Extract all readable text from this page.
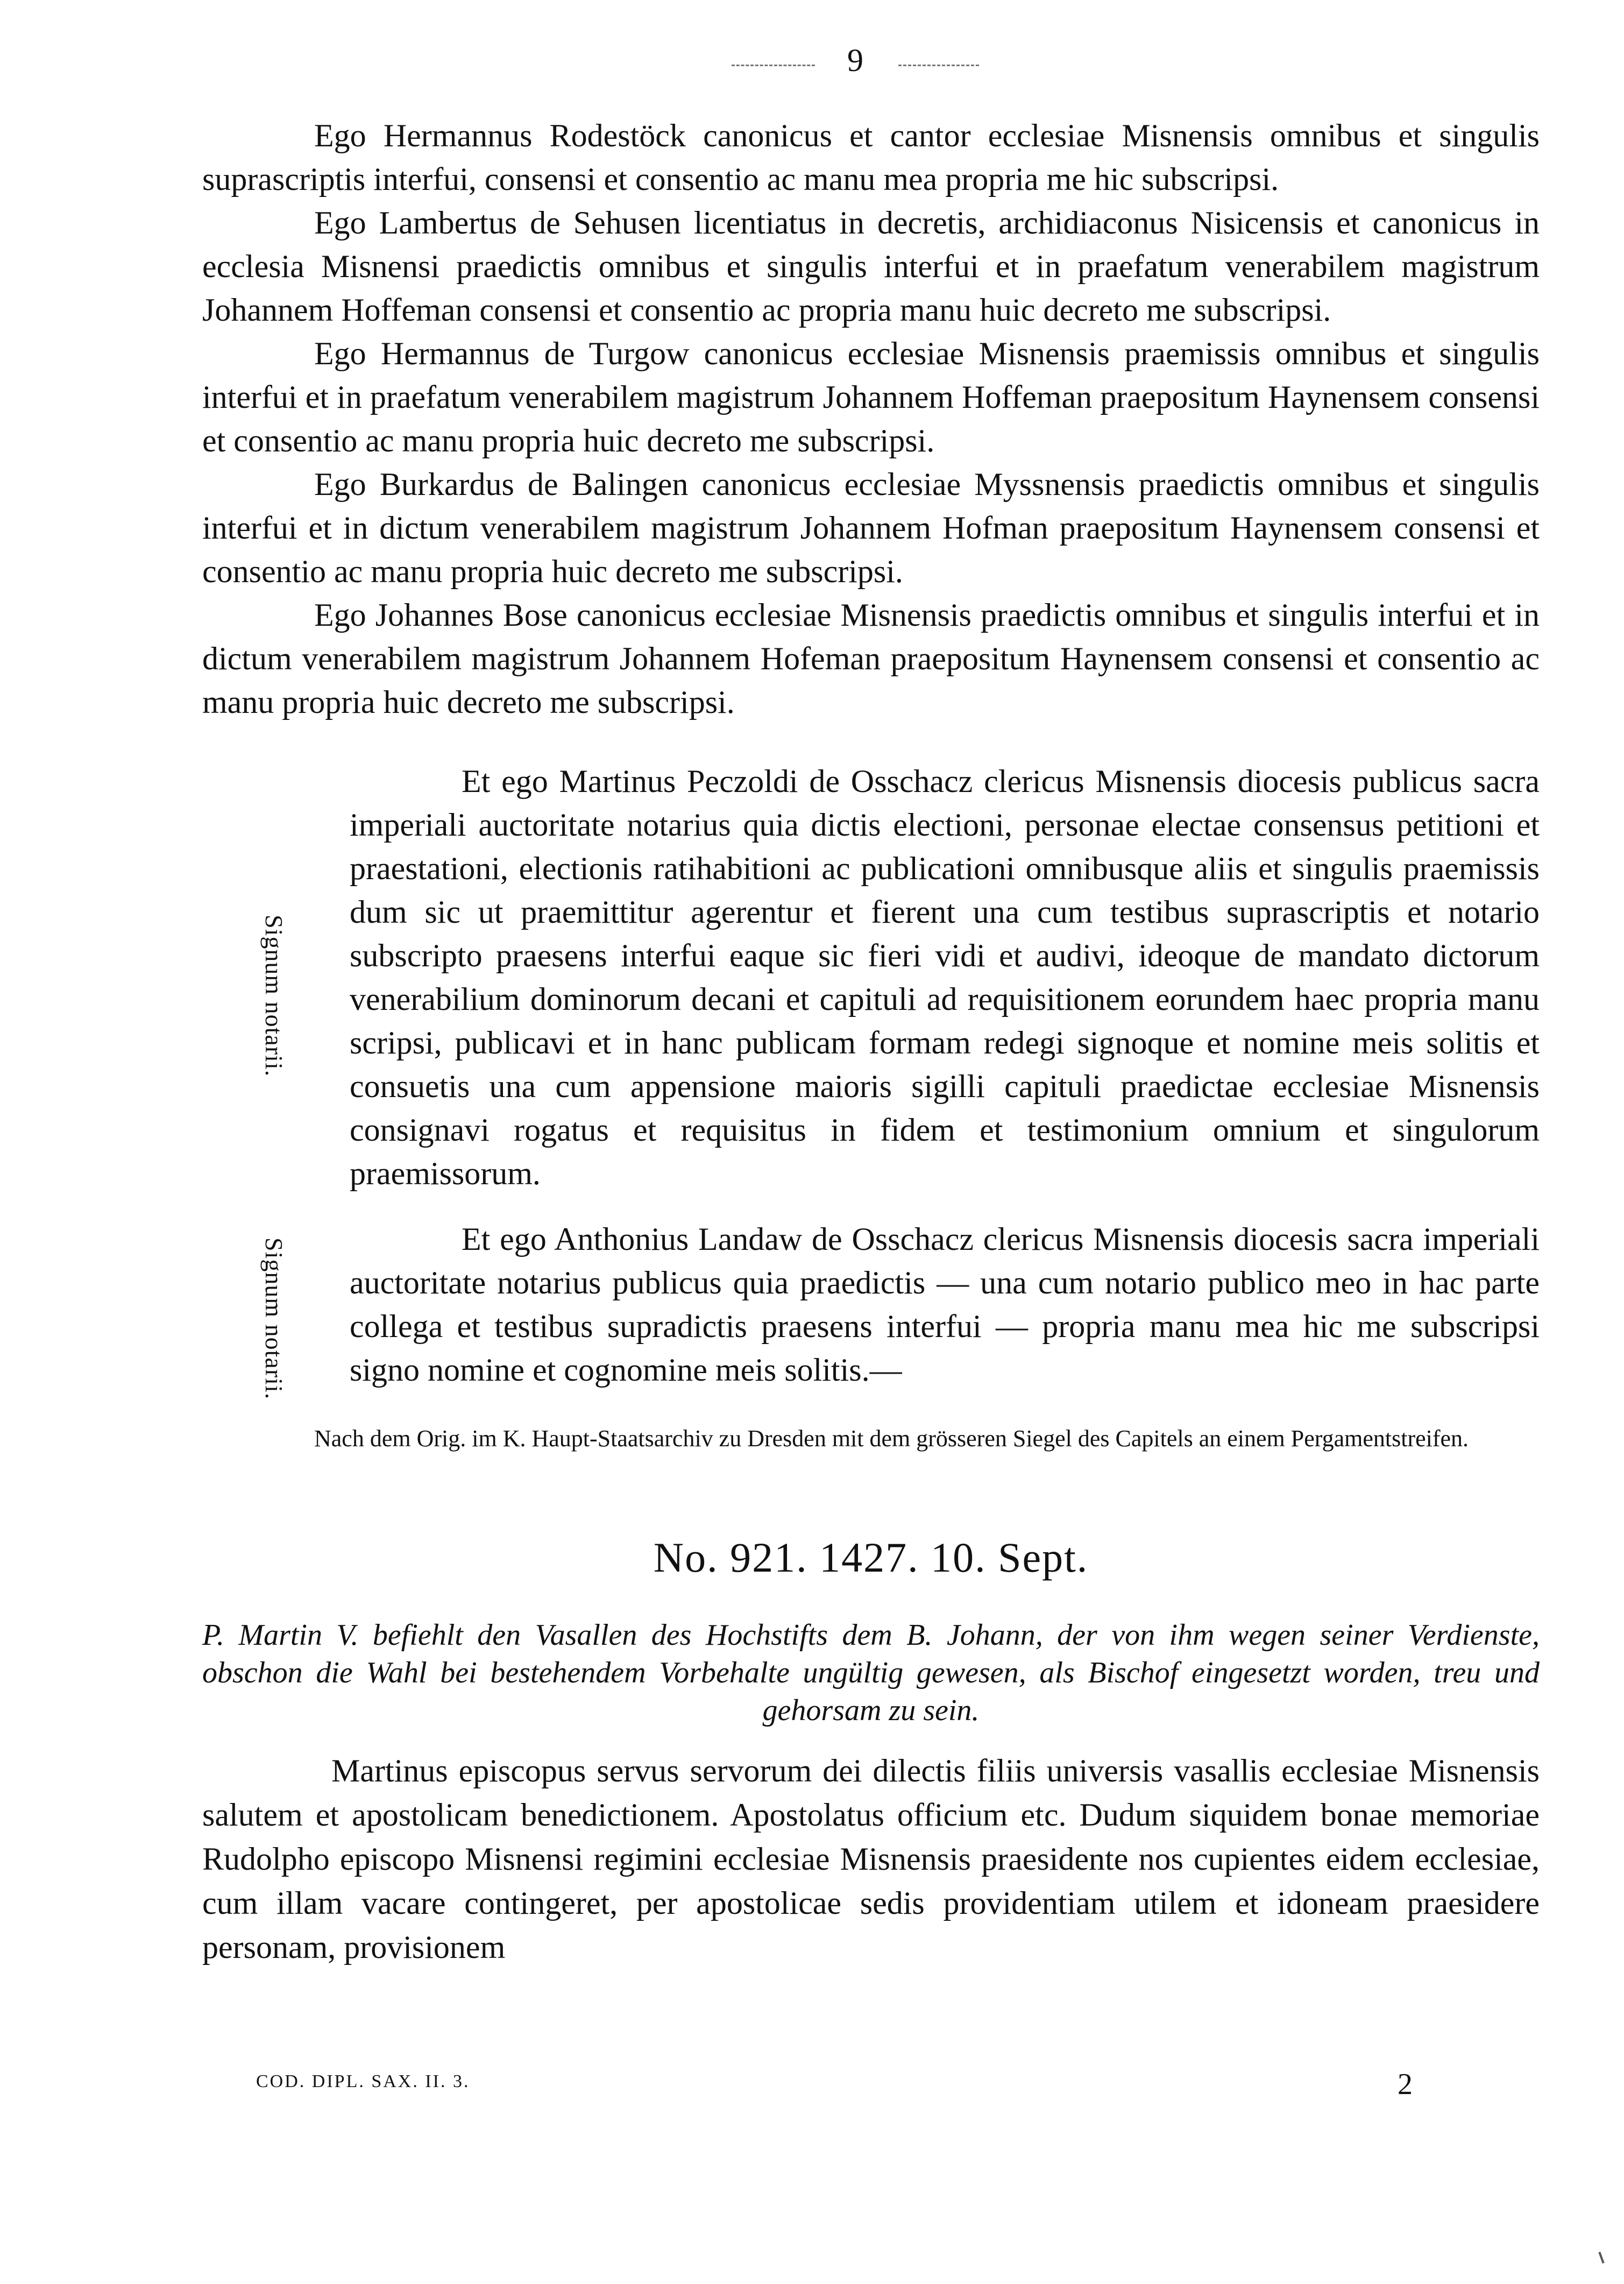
9

Ego Hermannus Rodestöck canonicus et cantor ecclesiae Misnensis omnibus et singulis suprascriptis interfui, consensi et consentio ac manu mea propria me hic subscripsi.

Ego Lambertus de Sehusen licentiatus in decretis, archidiaconus Nisicensis et canonicus in ecclesia Misnensi praedictis omnibus et singulis interfui et in praefatum venerabilem magistrum Johannem Hoffeman consensi et consentio ac propria manu huic decreto me subscripsi.

Ego Hermannus de Turgow canonicus ecclesiae Misnensis praemissis omnibus et singulis interfui et in praefatum venerabilem magistrum Johannem Hoffeman praepositum Haynensem consensi et consentio ac manu propria huic decreto me subscripsi.

Ego Burkardus de Balingen canonicus ecclesiae Myssnensis praedictis omnibus et singulis interfui et in dictum venerabilem magistrum Johannem Hofman praepositum Haynensem consensi et consentio ac manu propria huic decreto me subscripsi.

Ego Johannes Bose canonicus ecclesiae Misnensis praedictis omnibus et singulis interfui et in dictum venerabilem magistrum Johannem Hofeman praepositum Haynensem consensi et consentio ac manu propria huic decreto me subscripsi.

Signum notarii.
Et ego Martinus Peczoldi de Osschacz clericus Misnensis diocesis publicus sacra imperiali auctoritate notarius quia dictis electioni, personae electae consensus petitioni et praestationi, electionis ratihabitioni ac publicationi omnibusque aliis et singulis praemissis dum sic ut praemittitur agerentur et fierent una cum testibus suprascriptis et notario subscripto praesens interfui eaque sic fieri vidi et audivi, ideoque de mandato dictorum venerabilium dominorum decani et capituli ad requisitionem eorundem haec propria manu scripsi, publicavi et in hanc publicam formam redegi signoque et nomine meis solitis et consuetis una cum appensione maioris sigilli capituli praedictae ecclesiae Misnensis consignavi rogatus et requisitus in fidem et testimonium omnium et singulorum praemissorum.
Signum notarii.	Et ego Anthonius Landaw de Osschacz clericus Misnensis diocesis sacra imperiali auctoritate notarius publicus quia praedictis — una cum notario publico meo in hac parte collega et testibus supradictis praesens interfui — propria manu mea hic me subscripsi signo nomine et cognomine meis solitis.—
Nach dem Orig. im K. Haupt-Staatsarchiv zu Dresden mit dem grösseren Siegel des Capitels an einem Pergamentstreifen.
No. 921. 1427. 10. Sept.
P. Martin V. befiehlt den Vasallen des Hochstifts dem B. Johann, der von ihm wegen seiner Verdienste, obschon die Wahl bei bestehendem Vorbehalte ungültig gewesen, als Bischof eingesetzt worden, treu und gehorsam zu sein.

Martinus episcopus servus servorum dei dilectis filiis universis vasallis ecclesiae Misnensis salutem et apostolicam benedictionem. Apostolatus officium etc. Dudum siquidem bonae memoriae Rudolpho episcopo Misnensi regimini ecclesiae Misnensis praesidente nos cupientes eidem ecclesiae, cum illam vacare contingeret, per apostolicae sedis providentiam utilem et idoneam praesidere personam, provisionem

COD. DIPL. SAX. II. 3.	2
